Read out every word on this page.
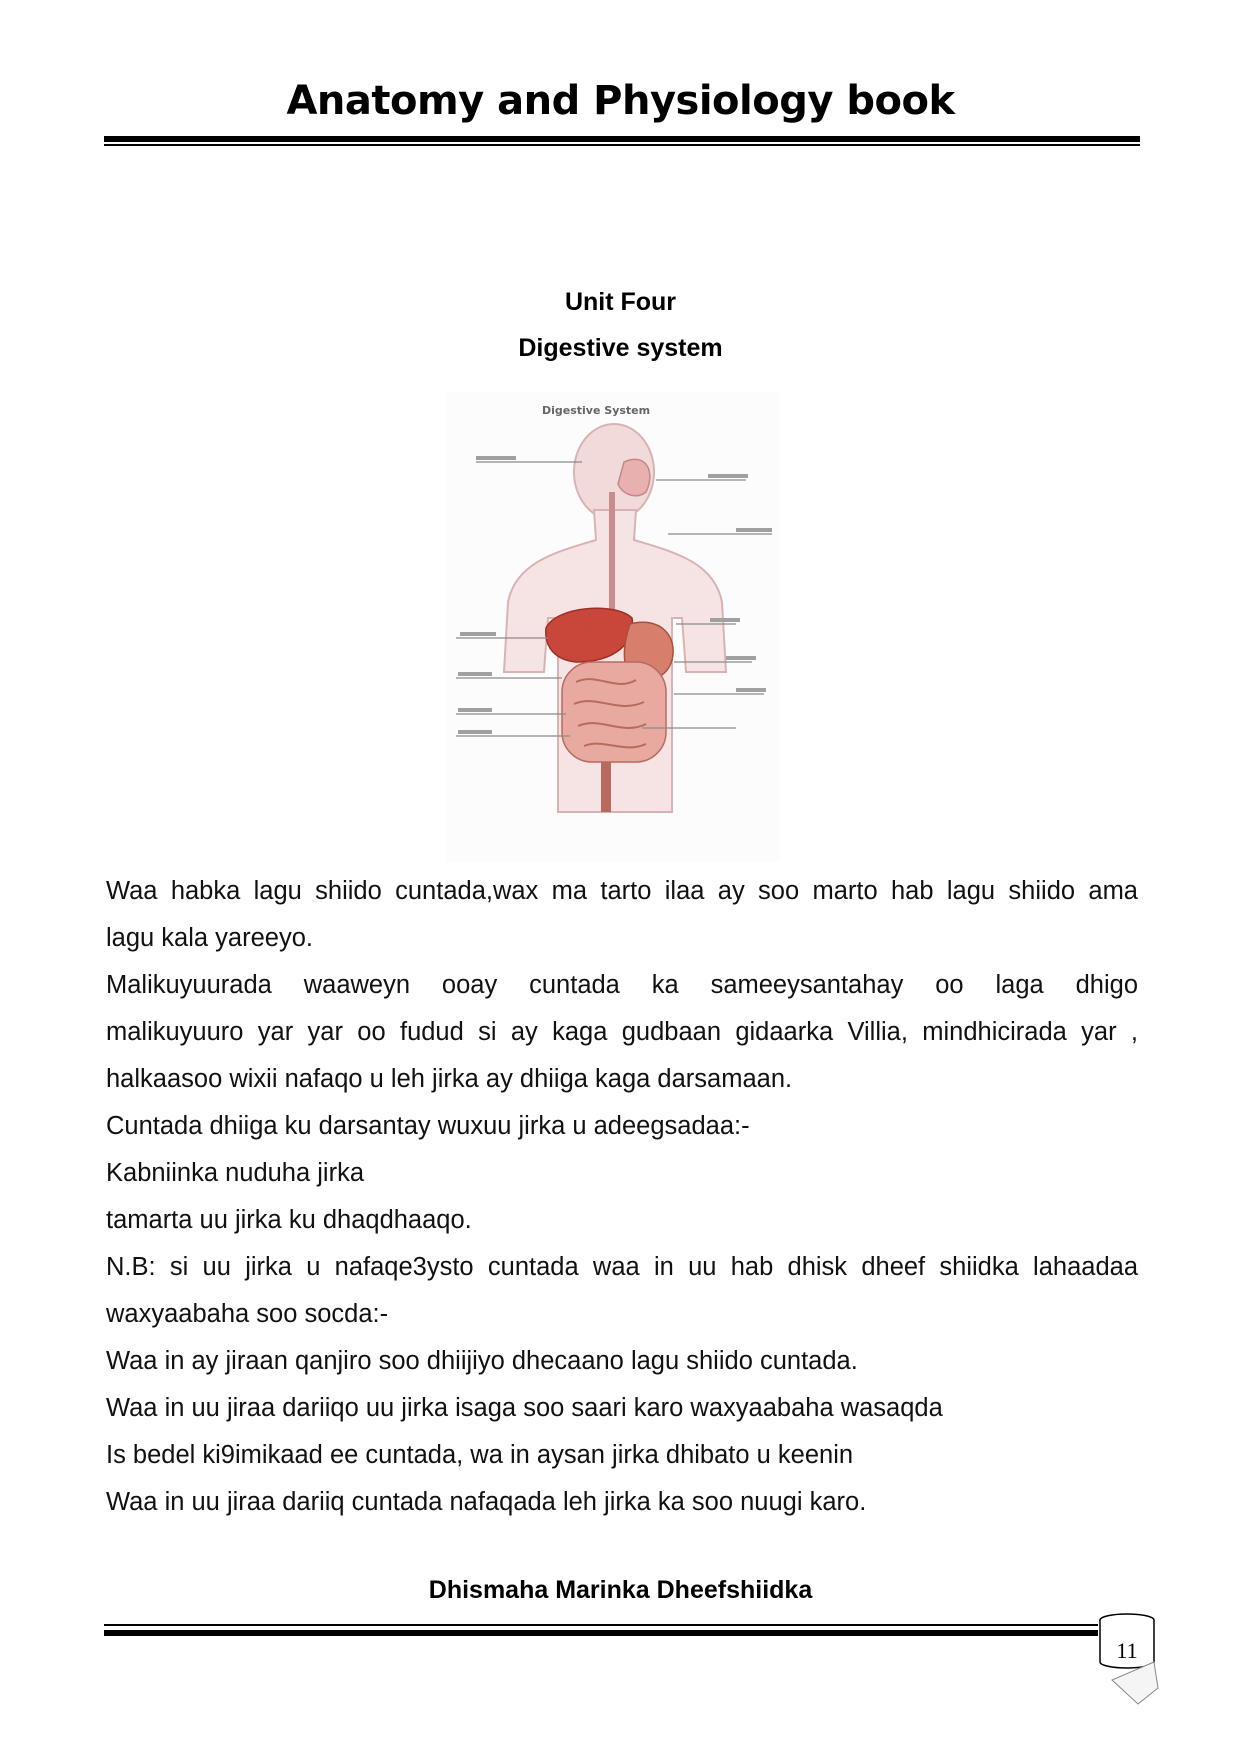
Anatomy and Physiology book
Unit Four
Digestive system
Digestive System

Waa habka lagu shiido cuntada,wax ma tarto ilaa ay soo marto hab lagu shiido ama

lagu kala yareeyo.

Malikuyuurada waaweyn ooay cuntada ka sameeysantahay oo laga dhigo

malikuyuuro yar yar oo fudud si ay kaga gudbaan gidaarka Villia, mindhicirada yar ,

halkaasoo wixii nafaqo u leh jirka ay dhiiga kaga darsamaan.

Cuntada dhiiga ku darsantay wuxuu jirka u adeegsadaa:-

Kabniinka nuduha jirka

tamarta uu jirka ku dhaqdhaaqo.

N.B: si uu jirka u nafaqe3ysto cuntada waa in uu hab dhisk dheef shiidka lahaadaa

waxyaabaha soo socda:-

Waa in ay jiraan qanjiro soo dhiijiyo dhecaano lagu shiido cuntada.

Waa in uu jiraa dariiqo uu jirka isaga soo saari karo waxyaabaha wasaqda

Is bedel ki9imikaad ee cuntada, wa in aysan jirka dhibato u keenin

Waa in uu jiraa dariiq cuntada nafaqada leh jirka ka soo nuugi karo.

Dhismaha Marinka Dheefshiidka
11
